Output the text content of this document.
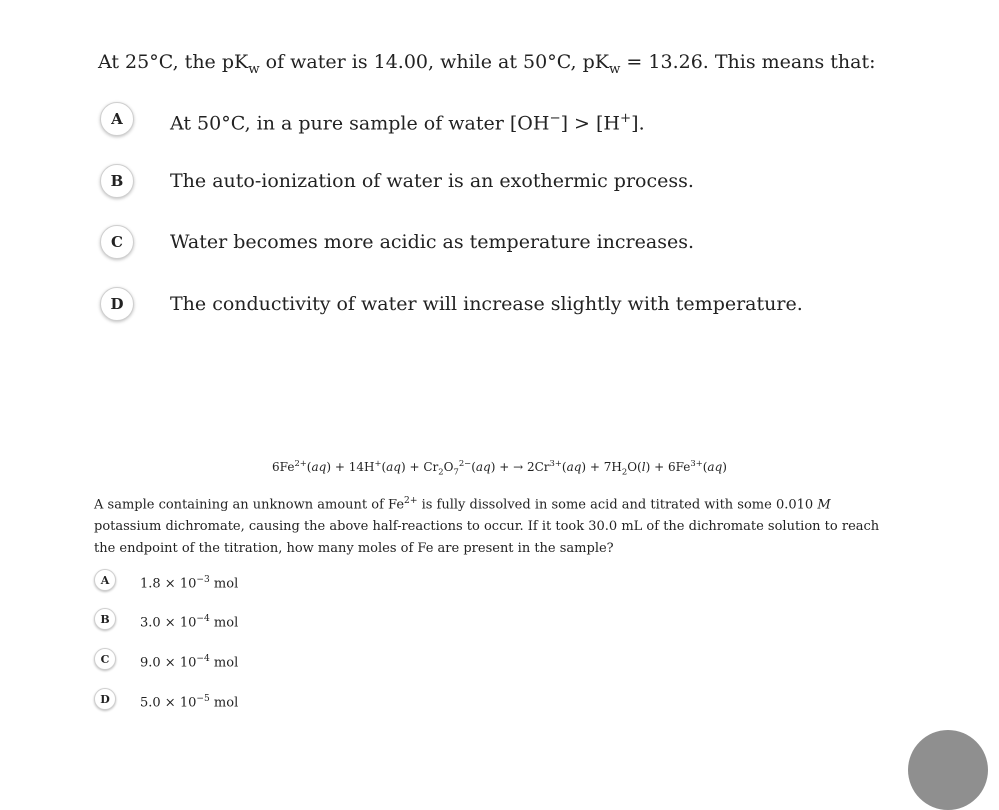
At 25°C, the $pK_w$ of water is 14.00, while at 50°C, $pK_w = 13.26$. This means that:
A	At 50°C, in a pure sample of water [OH−] > [H+].
B	The auto-ionization of water is an exothermic process.
C	Water becomes more acidic as temperature increases.
D	The conductivity of water will increase slightly with temperature.
$6Fe^{2+}(aq) + 14H^+(aq) + Cr_2O_7^{2-}(aq)$ + → $2Cr^{3+}(aq) + 7H_2O(l) + 6Fe^{3+}(aq)$
A sample containing an unknown amount of $Fe^{2+}$ is fully dissolved in some acid and titrated with some 0.010 M potassium dichromate, causing the above half-reactions to occur. If it took 30.0 mL of the dichromate solution to reach the endpoint of the titration, how many moles of Fe are present in the sample?
A	$1.8 \times 10^{-3}$ mol
B	$3.0 \times 10^{-4}$ mol
C	$9.0 \times 10^{-4}$ mol
D	$5.0 \times 10^{-5}$ mol
